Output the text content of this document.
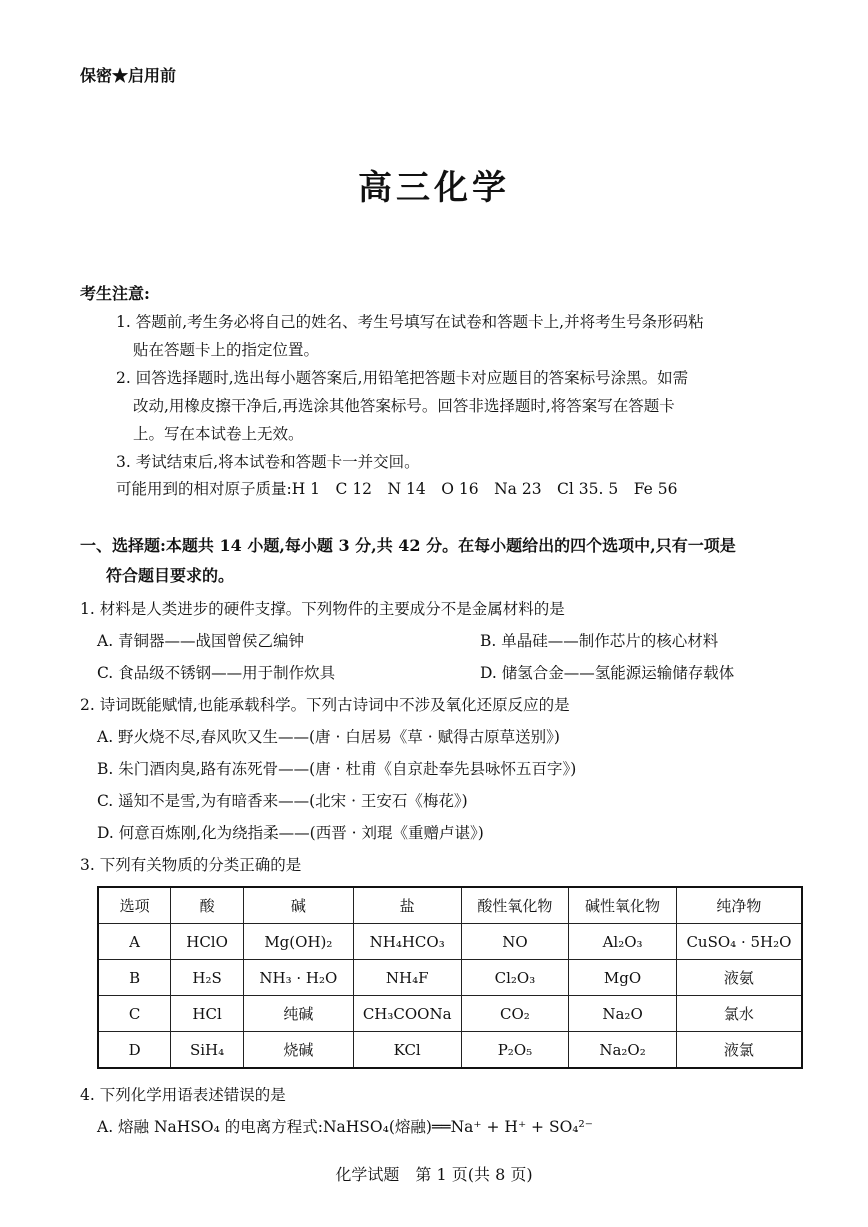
保密★启用前
高三化学
考生注意:
1. 答题前,考生务必将自己的姓名、考生号填写在试卷和答题卡上,并将考生号条形码粘
贴在答题卡上的指定位置。
2. 回答选择题时,选出每小题答案后,用铅笔把答题卡对应题目的答案标号涂黑。如需
改动,用橡皮擦干净后,再选涂其他答案标号。回答非选择题时,将答案写在答题卡
上。写在本试卷上无效。
3. 考试结束后,将本试卷和答题卡一并交回。
可能用到的相对原子质量:H 1　C 12　N 14　O 16　Na 23　Cl 35. 5　Fe 56
一、选择题:本题共 14 小题,每小题 3 分,共 42 分。在每小题给出的四个选项中,只有一项是
符合题目要求的。
1. 材料是人类进步的硬件支撑。下列物件的主要成分不是金属材料的是
A. 青铜器——战国曾侯乙编钟	B. 单晶硅——制作芯片的核心材料
C. 食品级不锈钢——用于制作炊具	D. 储氢合金——氢能源运输储存载体
2. 诗词既能赋情,也能承载科学。下列古诗词中不涉及氧化还原反应的是
A. 野火烧不尽,春风吹又生——(唐 · 白居易《草 · 赋得古原草送别》)
B. 朱门酒肉臭,路有冻死骨——(唐 · 杜甫《自京赴奉先县咏怀五百字》)
C. 遥知不是雪,为有暗香来——(北宋 · 王安石《梅花》)
D. 何意百炼刚,化为绕指柔——(西晋 · 刘琨《重赠卢谌》)
3. 下列有关物质的分类正确的是
选项	酸	碱	盐	酸性氧化物	碱性氧化物	纯净物
A	HClO	Mg(OH)₂	NH₄HCO₃	NO	Al₂O₃	CuSO₄ · 5H₂O
B	H₂S	NH₃ · H₂O	NH₄F	Cl₂O₃	MgO	液氨
C	HCl	纯碱	CH₃COONa	CO₂	Na₂O	氯水
D	SiH₄	烧碱	KCl	P₂O₅	Na₂O₂	液氯
4. 下列化学用语表述错误的是
A. 熔融 NaHSO₄ 的电离方程式:NaHSO₄(熔融)══Na⁺ + H⁺ + SO₄²⁻
化学试题　第 1 页(共 8 页)
